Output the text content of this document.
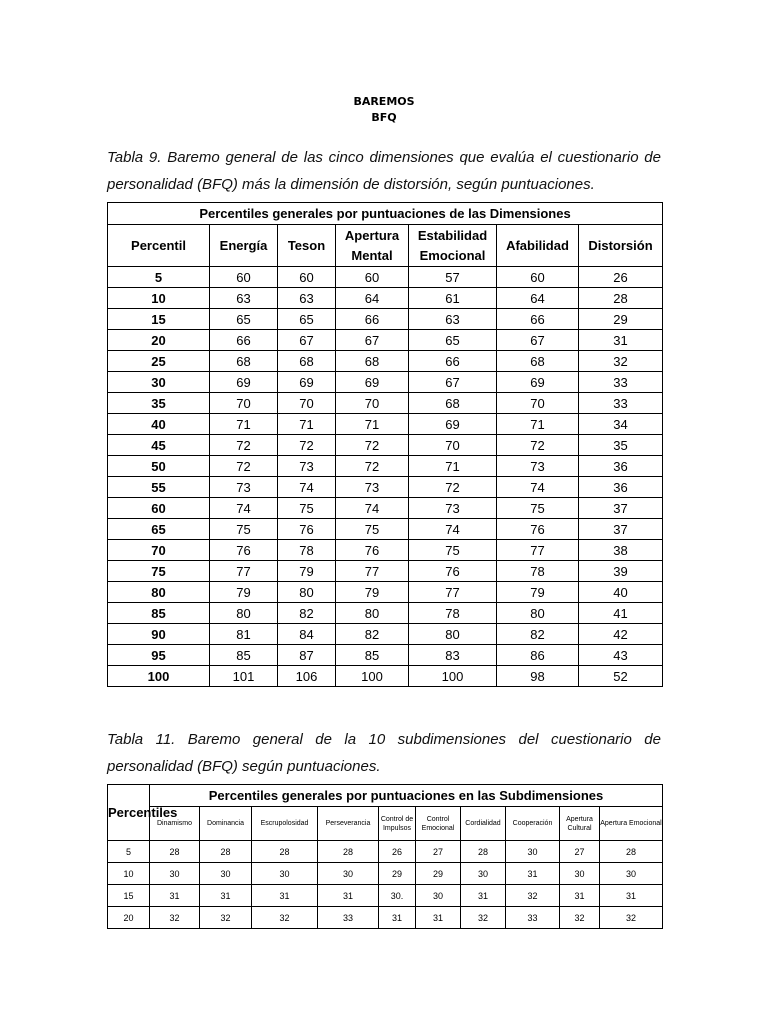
BAREMOS
BFQ
Tabla 9. Baremo general de las cinco dimensiones que evalúa el cuestionario de
personalidad (BFQ) más la dimensión de distorsión, según puntuaciones.
Percentiles generales por puntuaciones de las Dimensiones						
Percentil	Energía	Teson	Apertura Mental	Estabilidad Emocional	Afabilidad	Distorsión
5	60	60	60	57	60	26
10	63	63	64	61	64	28
15	65	65	66	63	66	29
20	66	67	67	65	67	31
25	68	68	68	66	68	32
30	69	69	69	67	69	33
35	70	70	70	68	70	33
40	71	71	71	69	71	34
45	72	72	72	70	72	35
50	72	73	72	71	73	36
55	73	74	73	72	74	36
60	74	75	74	73	75	37
65	75	76	75	74	76	37
70	76	78	76	75	77	38
75	77	79	77	76	78	39
80	79	80	79	77	79	40
85	80	82	80	78	80	41
90	81	84	82	80	82	42
95	85	87	85	83	86	43
100	101	106	100	100	98	52
Tabla 11. Baremo general de la 10 subdimensiones del cuestionario de
personalidad (BFQ) según puntuaciones.
Percentiles	Percentiles generales por puntuaciones en las Subdimensiones									
	Dinamismo	Dominancia	Escrupolosidad	Perseverancia	Control de Impulsos	Control Emocional	Cordialidad	Cooperación	Apertura Cultural	Apertura Emocional
5	28	28	28	28	26	27	28	30	27	28
10	30	30	30	30	29	29	30	31	30	30
15	31	31	31	31	30.	30	31	32	31	31
20	32	32	32	33	31	31	32	33	32	32
